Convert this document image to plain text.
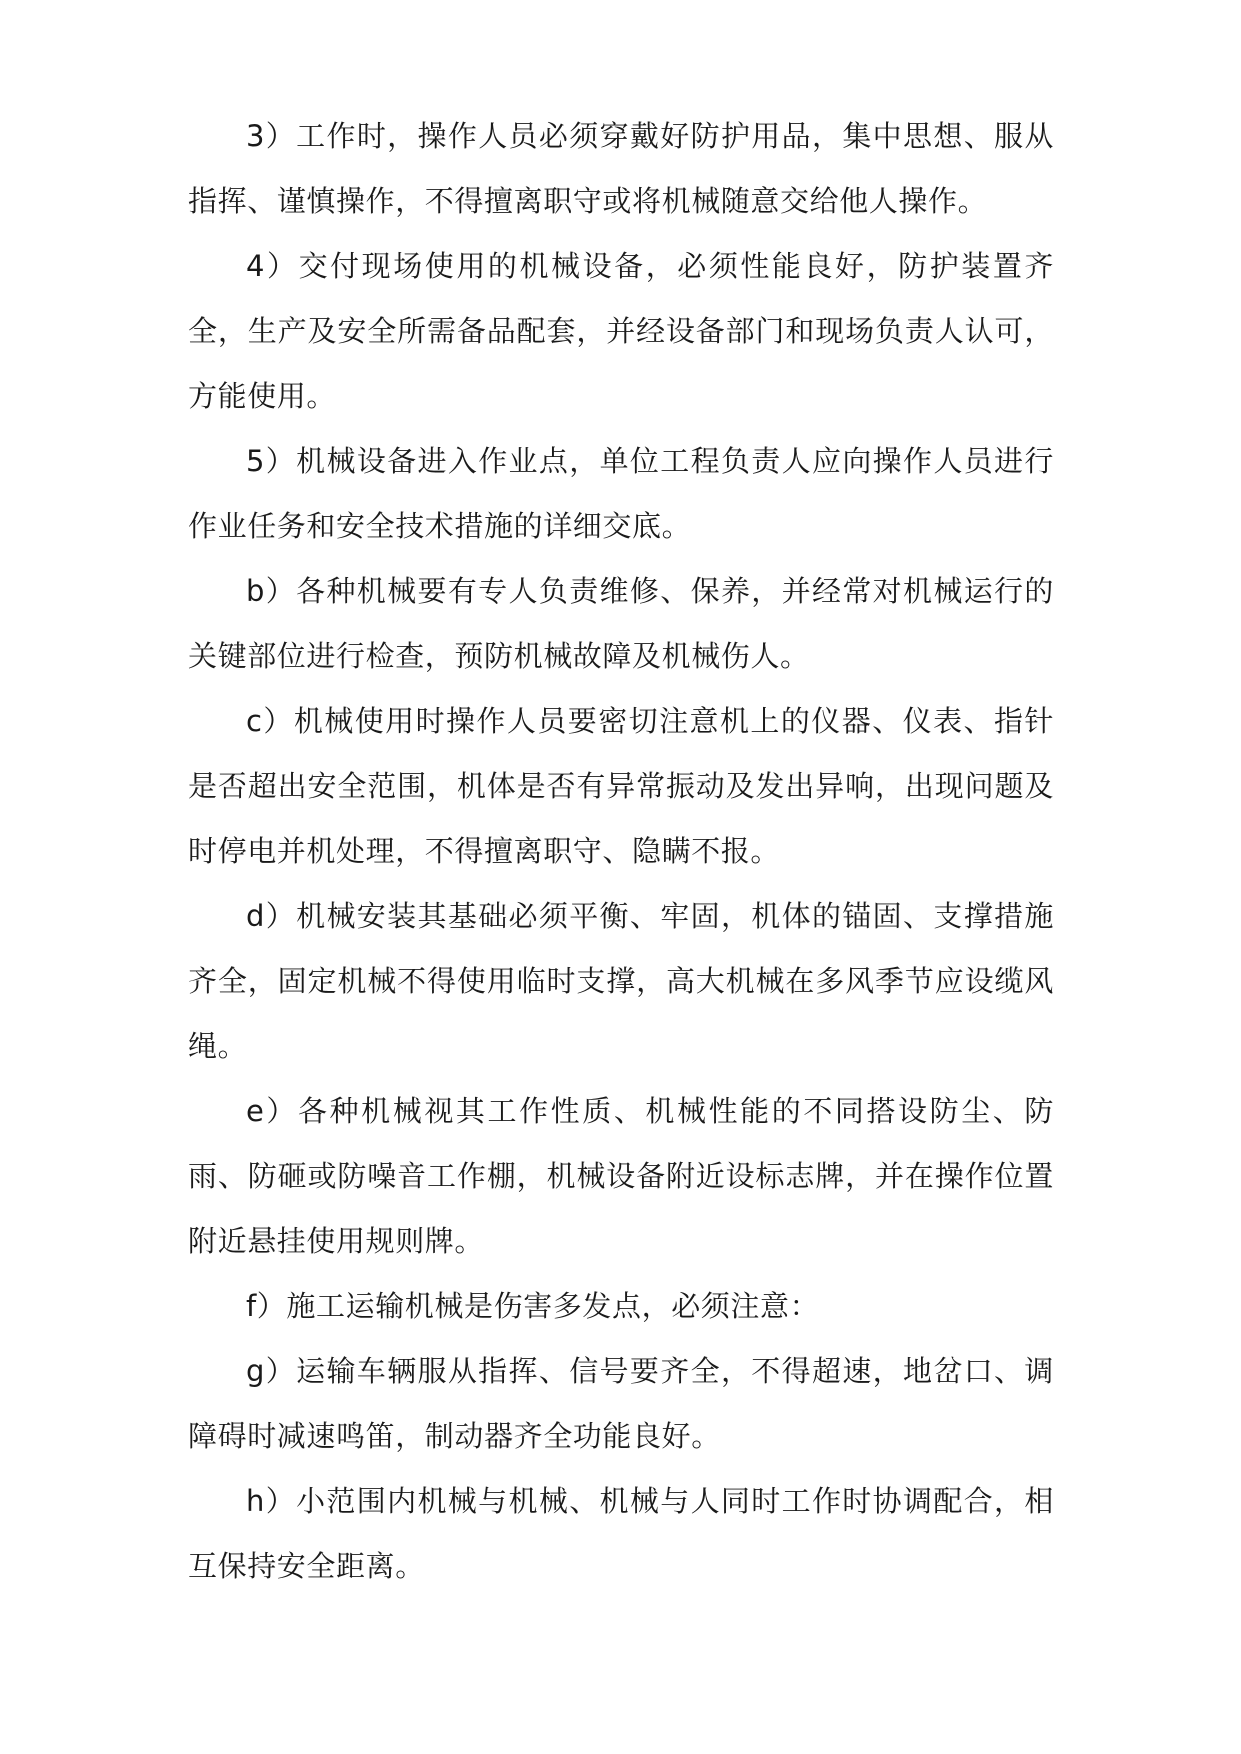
3）工作时，操作人员必须穿戴好防护用品，集中思想、服从指挥、谨慎操作，不得擅离职守或将机械随意交给他人操作。

4）交付现场使用的机械设备，必须性能良好，防护装置齐全，生产及安全所需备品配套，并经设备部门和现场负责人认可，方能使用。

5）机械设备进入作业点，单位工程负责人应向操作人员进行作业任务和安全技术措施的详细交底。

b）各种机械要有专人负责维修、保养，并经常对机械运行的关键部位进行检查，预防机械故障及机械伤人。

c）机械使用时操作人员要密切注意机上的仪器、仪表、指针是否超出安全范围，机体是否有异常振动及发出异响，出现问题及时停电并机处理，不得擅离职守、隐瞒不报。

d）机械安装其基础必须平衡、牢固，机体的锚固、支撑措施齐全，固定机械不得使用临时支撑，高大机械在多风季节应设缆风绳。

e）各种机械视其工作性质、机械性能的不同搭设防尘、防雨、防砸或防噪音工作棚，机械设备附近设标志牌，并在操作位置附近悬挂使用规则牌。

f）施工运输机械是伤害多发点，必须注意：

g）运输车辆服从指挥、信号要齐全，不得超速，地岔口、调障碍时减速鸣笛，制动器齐全功能良好。

h）小范围内机械与机械、机械与人同时工作时协调配合，相互保持安全距离。
